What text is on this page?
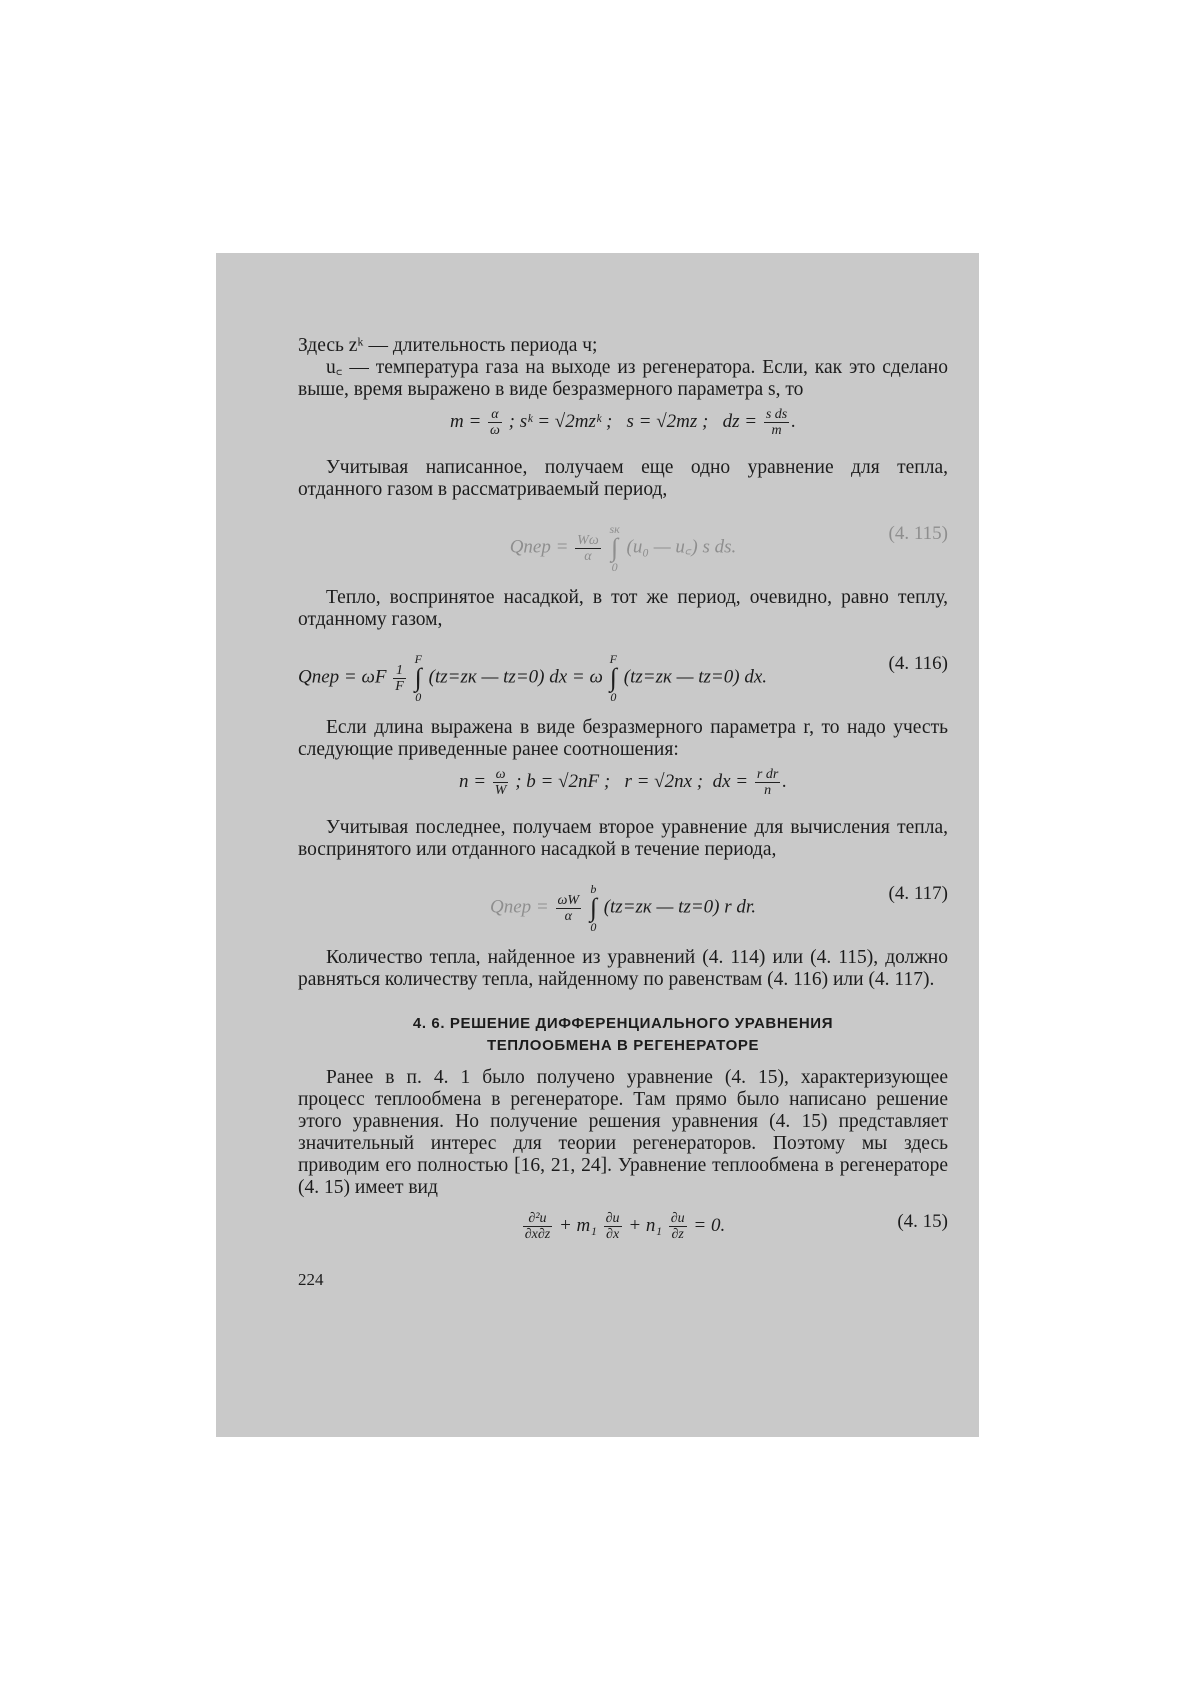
Здесь zᵏ — длительность периода ч;
u꜀ — температура газа на выходе из регенератора. Если, как это сделано выше, время выражено в виде безразмерного параметра s, то
$m = \frac{\alpha}{\omega}$ ; sᵏ = √2mzᵏ ; s = √2mz ; dz = $\frac{\text{s ds}}{m}$ .
Учитывая написанное, получаем еще одно уравнение для тепла, отданного газом в рассматриваемый период,
Qпер = $\frac{W\omega}{\alpha}$
sк
∫
0 (u₀ — u꜀) s ds.
(4. 115)
Тепло, воспринятое насадкой, в тот же период, очевидно, равно теплу, отданному газом,
Qпер = ωF $\frac{1}{F}$
F
∫
0 (tz=zк — tz=0) dx = ω F
∫
0 (tz=zк — tz=0) dx.
(4. 116)
Если длина выражена в виде безразмерного параметра r, то надо учесть следующие приведенные ранее соотношения:
$n = \frac{\omega}{W}$ ; b = √2nF ; r = √2nx ; dx = $\frac{\text{r dr}}{n}$ .
Учитывая последнее, получаем второе уравнение для вычисления тепла, воспринятого или отданного насадкой в течение периода,
Qпер = $\frac{\omega W}{\alpha}$
b
∫
0 (tz=zк — tz=0) r dr.
(4. 117)
Количество тепла, найденное из уравнений (4. 114) или (4. 115), должно равняться количеству тепла, найденному по равенствам (4. 116) или (4. 117).
4. 6. РЕШЕНИЕ ДИФФЕРЕНЦИАЛЬНОГО УРАВНЕНИЯ
ТЕПЛООБМЕНА В РЕГЕНЕРАТОРЕ
Ранее в п. 4. 1 было получено уравнение (4. 15), характеризующее процесс теплообмена в регенераторе. Там прямо было написано решение этого уравнения. Но получение решения уравнения (4. 15) представляет значительный интерес для теории регенераторов. Поэтому мы здесь приводим его полностью [16, 21, 24]. Уравнение теплообмена в регенераторе (4. 15) имеет вид
$\frac{\text{∂²u}}{\partial x\partial z} + m_1 \frac{\partial u}{\partial x} + n_1 \frac{\partial u}{\partial z} = 0$.	(4. 15)
224
